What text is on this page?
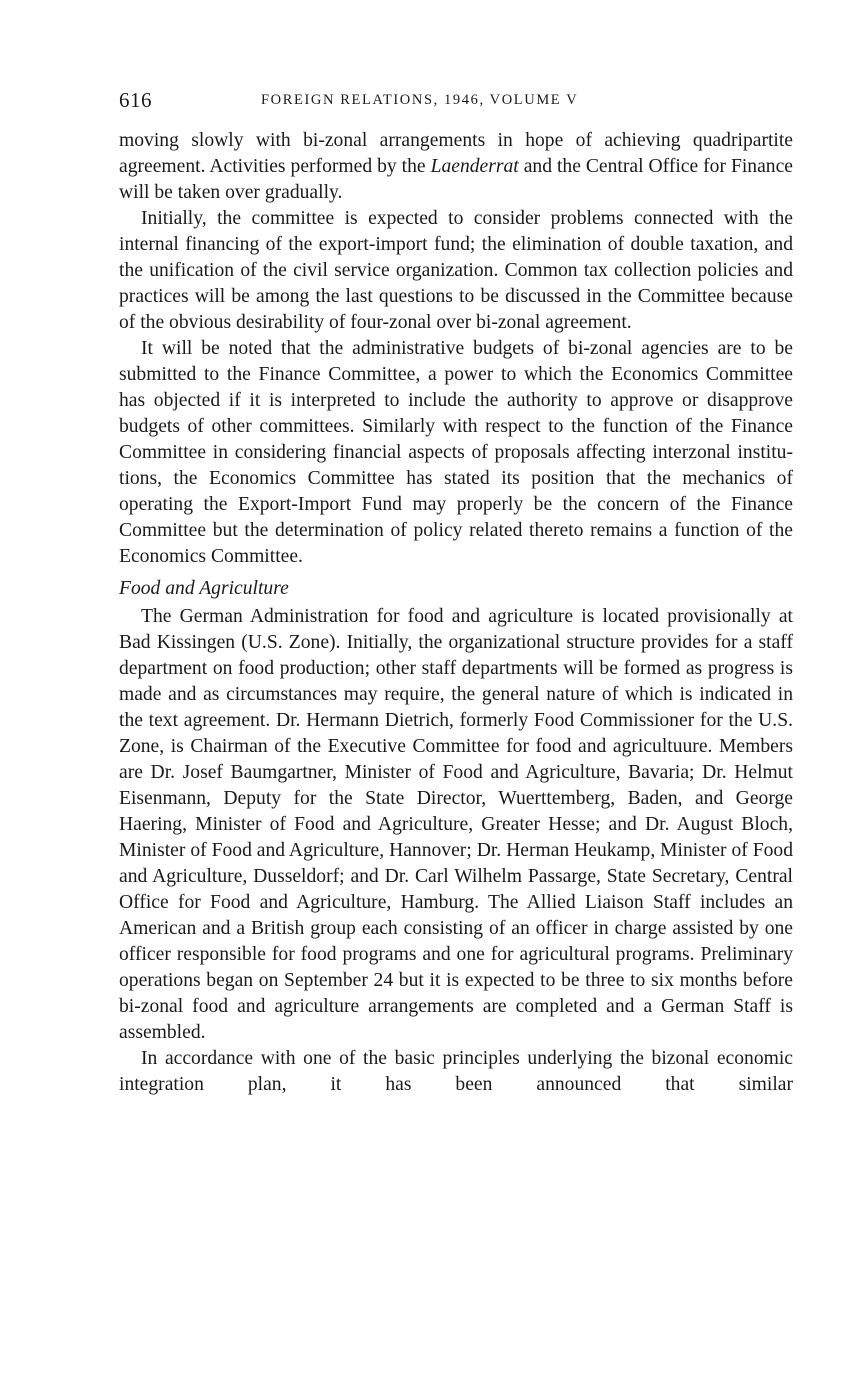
616	FOREIGN RELATIONS, 1946, VOLUME V

moving slowly with bi-zonal arrangements in hope of achieving quadripartite agreement. Activities performed by the Laenderrat and the Central Office for Finance will be taken over gradually.

Initially, the committee is expected to consider problems connected with the internal financing of the export-import fund; the elimination of double taxation, and the unification of the civil service organization. Common tax collection policies and practices will be among the last questions to be discussed in the Committee because of the obvious desirability of four-zonal over bi-zonal agreement.

It will be noted that the administrative budgets of bi-zonal agencies are to be submitted to the Finance Committee, a power to which the Economics Committee has objected if it is interpreted to include the authority to approve or disapprove budgets of other committees. Similarly with respect to the function of the Finance Committee in considering financial aspects of proposals affecting interzonal institutions, the Economics Committee has stated its position that the mechanics of operating the Export-Import Fund may properly be the concern of the Finance Committee but the determination of policy related thereto remains a function of the Economics Committee.

Food and Agriculture

The German Administration for food and agriculture is located provisionally at Bad Kissingen (U.S. Zone). Initially, the organizational structure provides for a staff department on food production; other staff departments will be formed as progress is made and as circumstances may require, the general nature of which is indicated in the text agreement. Dr. Hermann Dietrich, formerly Food Commissioner for the U.S. Zone, is Chairman of the Executive Committee for food and agricultuure. Members are Dr. Josef Baumgartner, Minister of Food and Agriculture, Bavaria; Dr. Helmut Eisenmann, Deputy for the State Director, Wuerttemberg, Baden, and George Haering, Minister of Food and Agriculture, Greater Hesse; and Dr. August Bloch, Minister of Food and Agriculture, Hannover; Dr. Herman Heukamp, Minister of Food and Agriculture, Dusseldorf; and Dr. Carl Wilhelm Passarge, State Secretary, Central Office for Food and Agriculture, Hamburg. The Allied Liaison Staff includes an American and a British group each consisting of an officer in charge assisted by one officer responsible for food programs and one for agricultural programs. Preliminary operations began on September 24 but it is expected to be three to six months before bi-zonal food and agriculture arrangements are completed and a German Staff is assembled.

In accordance with one of the basic principles underlying the bizonal economic integration plan, it has been announced that similar
